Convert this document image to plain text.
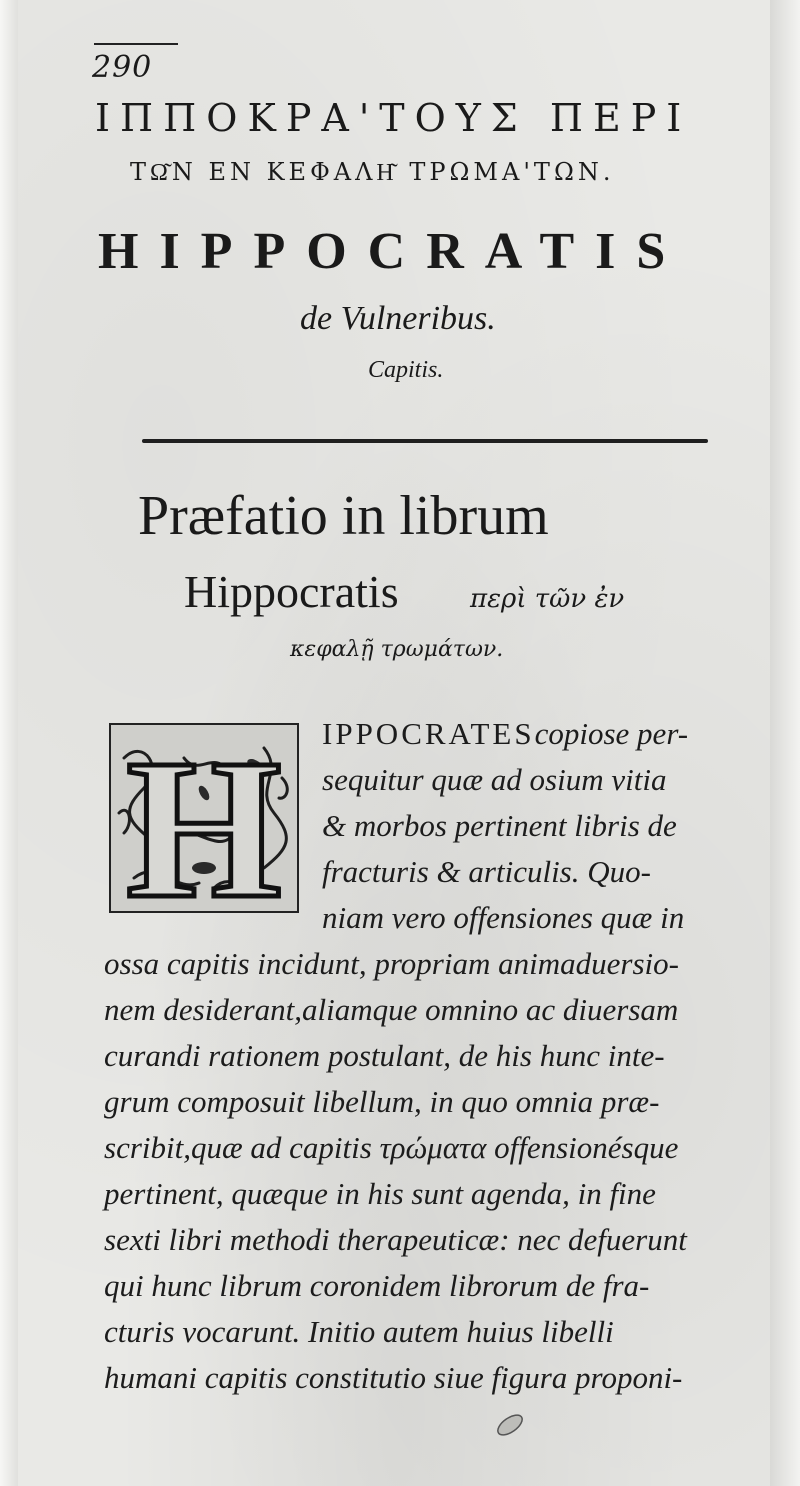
290
ΙΠΠΟΚΡΑ'ΤΟΥΣ ΠΕΡΙ
ΤΩ͂Ν ΕΝ ΚΕΦΑΛΗ͂ ΤΡΩΜΑ'ΤΩΝ.
HIPPOCRATIS
de Vulneribus.
Capitis.
Præfatio in librum
Hippocratis	περὶ τῶν ἐν
κεφαλῇ τρωμάτων.
H IPPOCRATEScopiose per-
sequitur quæ ad osium vitia
& morbos pertinent libris de
fracturis & articulis. Quo-
niam vero offensiones quæ in
ossa capitis incidunt, propriam animaduersio-
nem desiderant,aliamque omnino ac diuersam
curandi rationem postulant, de his hunc inte-
grum composuit libellum, in quo omnia præ-
scribit,quæ ad capitis τρώματα offensionésque
pertinent, quæque in his sunt agenda, in fine
sexti libri methodi therapeuticæ: nec defuerunt
qui hunc librum coronidem librorum de fra-
cturis vocarunt. Initio autem huius libelli
humani capitis constitutio siue figura proponi-
